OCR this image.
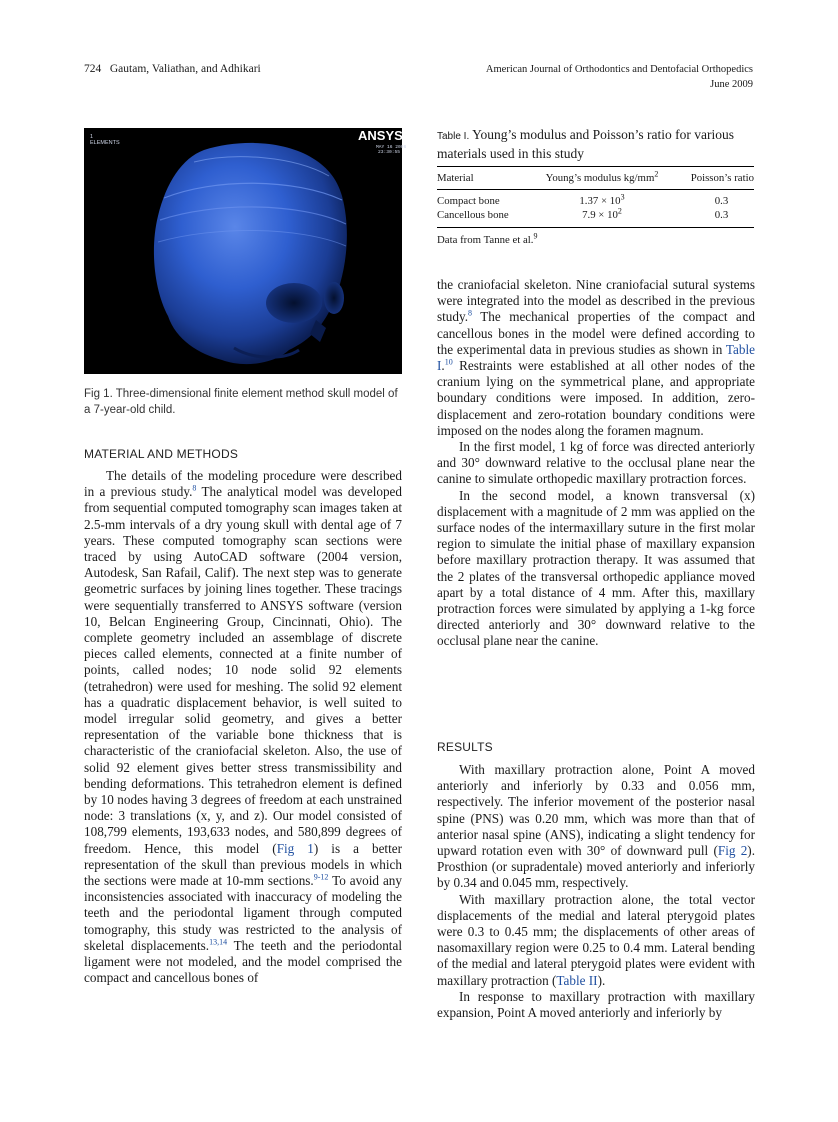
724   Gautam, Valiathan, and Adhikari	American Journal of Orthodontics and Dentofacial Orthopedics
June 2009
1
ELEMENTS	ANSYS
MAY 16 2006
23:30:55
Fig 1. Three-dimensional finite element method skull model of a 7-year-old child.
Table I. Young’s modulus and Poisson’s ratio for various materials used in this study
Material	Young’s modulus $kg/mm^2$	Poisson’s ratio
Compact bone	$1.37 \times 10^3$	0.3
Cancellous bone	$7.9 \times 10^2$	0.3
Data from Tanne et al.$^9$
MATERIAL AND METHODS

The details of the modeling procedure were described in a previous study.$^8$ The analytical model was developed from sequential computed tomography scan images taken at 2.5-mm intervals of a dry young skull with dental age of 7 years. These computed tomography scan sections were traced by using AutoCAD software (2004 version, Autodesk, San Rafail, Calif). The next step was to generate geometric surfaces by joining lines together. These tracings were sequentially transferred to ANSYS software (version 10, Belcan Engineering Group, Cincinnati, Ohio). The complete geometry included an assemblage of discrete pieces called elements, connected at a finite number of points, called nodes; 10 node solid 92 elements (tetrahedron) were used for meshing. The solid 92 element has a quadratic displacement behavior, is well suited to model irregular solid geometry, and gives a better representation of the variable bone thickness that is characteristic of the craniofacial skeleton. Also, the use of solid 92 element gives better stress transmissibility and bending deformations. This tetrahedron element is defined by 10 nodes having 3 degrees of freedom at each unstrained node: 3 translations (x, y, and z). Our model consisted of 108,799 elements, 193,633 nodes, and 580,899 degrees of freedom. Hence, this model (Fig 1) is a better representation of the skull than previous models in which the sections were made at 10-mm sections.$^{9-12}$ To avoid any inconsistencies associated with inaccuracy of modeling the teeth and the periodontal ligament through computed tomography, this study was restricted to the analysis of skeletal displacements.$^{13,14}$ The teeth and the periodontal ligament were not modeled, and the model comprised the compact and cancellous bones of

the craniofacial skeleton. Nine craniofacial sutural systems were integrated into the model as described in the previous study.$^8$ The mechanical properties of the compact and cancellous bones in the model were defined according to the experimental data in previous studies as shown in Table I.$^{10}$ Restraints were established at all other nodes of the cranium lying on the symmetrical plane, and appropriate boundary conditions were imposed. In addition, zero-displacement and zero-rotation boundary conditions were imposed on the nodes along the foramen magnum.

In the first model, 1 kg of force was directed anteriorly and 30° downward relative to the occlusal plane near the canine to simulate orthopedic maxillary protraction forces.

In the second model, a known transversal (x) displacement with a magnitude of 2 mm was applied on the surface nodes of the intermaxillary suture in the first molar region to simulate the initial phase of maxillary expansion before maxillary protraction therapy. It was assumed that the 2 plates of the transversal orthopedic appliance moved apart by a total distance of 4 mm. After this, maxillary protraction forces were simulated by applying a 1-kg force directed anteriorly and 30° downward relative to the occlusal plane near the canine.

RESULTS

With maxillary protraction alone, Point A moved anteriorly and inferiorly by 0.33 and 0.056 mm, respectively. The inferior movement of the posterior nasal spine (PNS) was 0.20 mm, which was more than that of anterior nasal spine (ANS), indicating a slight tendency for upward rotation even with 30° of downward pull (Fig 2). Prosthion (or supradentale) moved anteriorly and inferiorly by 0.34 and 0.045 mm, respectively.

With maxillary protraction alone, the total vector displacements of the medial and lateral pterygoid plates were 0.3 to 0.45 mm; the displacements of other areas of nasomaxillary region were 0.25 to 0.4 mm. Lateral bending of the medial and lateral pterygoid plates were evident with maxillary protraction (Table II).

In response to maxillary protraction with maxillary expansion, Point A moved anteriorly and inferiorly by
